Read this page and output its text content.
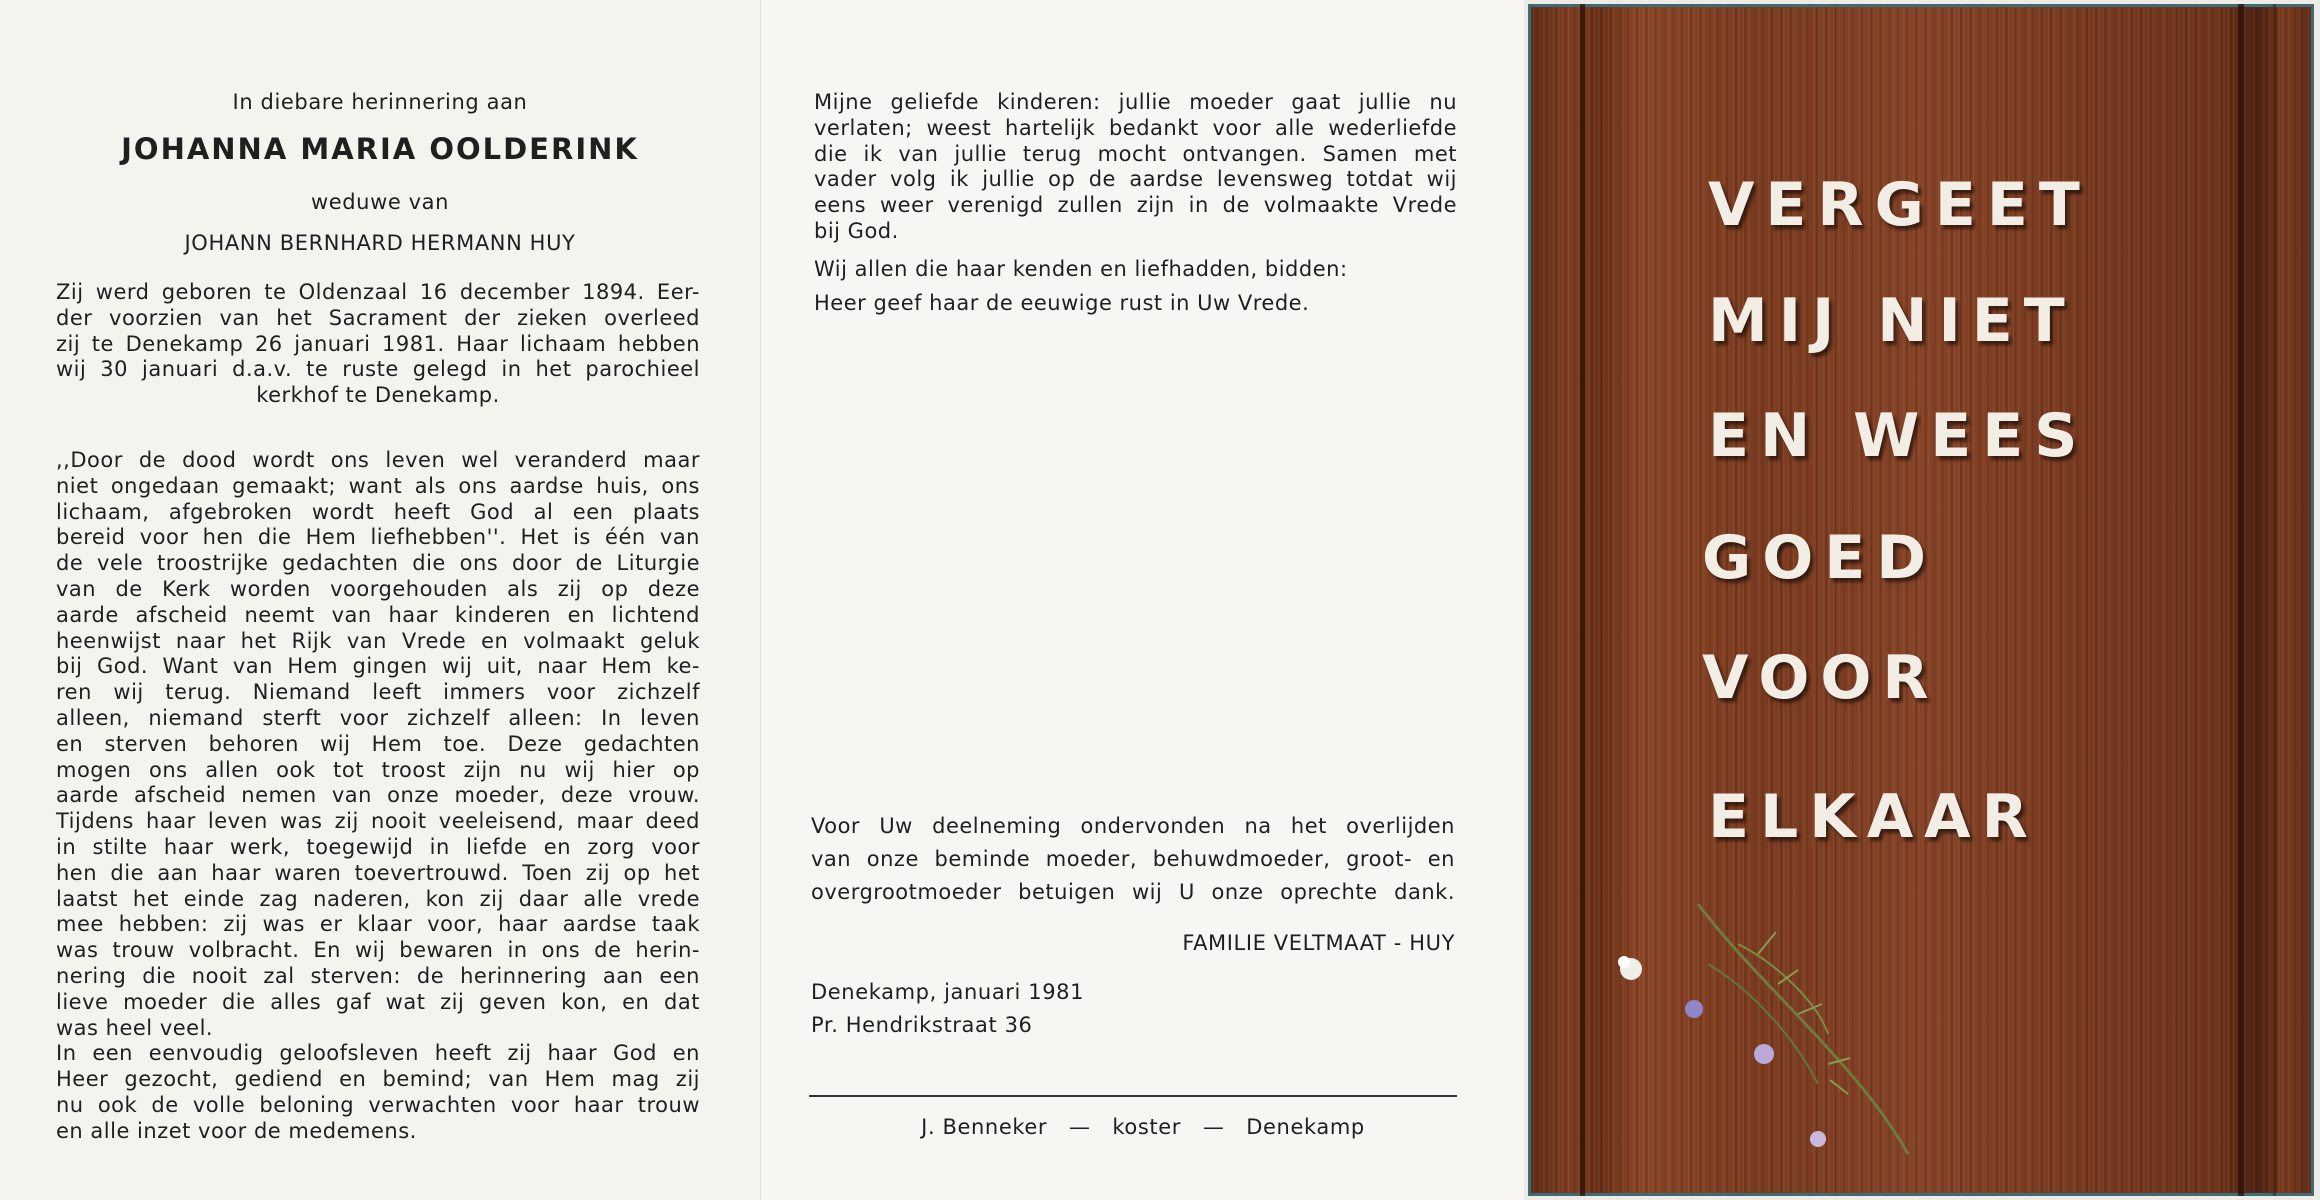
In diebare herinnering aan
JOHANNA MARIA OOLDERINK
weduwe van
JOHANN BERNHARD HERMANN HUY
Zij werd geboren te Oldenzaal 16 december 1894. Eer-
der voorzien van het Sacrament der zieken overleed
zij te Denekamp 26 januari 1981. Haar lichaam hebben
wij 30 januari d.a.v. te ruste gelegd in het parochieel
kerkhof te Denekamp.
,,Door de dood wordt ons leven wel veranderd maar
niet ongedaan gemaakt; want als ons aardse huis, ons
lichaam, afgebroken wordt heeft God al een plaats
bereid voor hen die Hem liefhebben''. Het is één van
de vele troostrijke gedachten die ons door de Liturgie
van de Kerk worden voorgehouden als zij op deze
aarde afscheid neemt van haar kinderen en lichtend
heenwijst naar het Rijk van Vrede en volmaakt geluk
bij God. Want van Hem gingen wij uit, naar Hem ke-
ren wij terug. Niemand leeft immers voor zichzelf
alleen, niemand sterft voor zichzelf alleen: In leven
en sterven behoren wij Hem toe. Deze gedachten
mogen ons allen ook tot troost zijn nu wij hier op
aarde afscheid nemen van onze moeder, deze vrouw.
Tijdens haar leven was zij nooit veeleisend, maar deed
in stilte haar werk, toegewijd in liefde en zorg voor
hen die aan haar waren toevertrouwd. Toen zij op het
laatst het einde zag naderen, kon zij daar alle vrede
mee hebben: zij was er klaar voor, haar aardse taak
was trouw volbracht. En wij bewaren in ons de herin-
nering die nooit zal sterven: de herinnering aan een
lieve moeder die alles gaf wat zij geven kon, en dat
was heel veel.
In een eenvoudig geloofsleven heeft zij haar God en
Heer gezocht, gediend en bemind; van Hem mag zij
nu ook de volle beloning verwachten voor haar trouw
en alle inzet voor de medemens.
Mijne geliefde kinderen: jullie moeder gaat jullie nu
verlaten; weest hartelijk bedankt voor alle wederliefde
die ik van jullie terug mocht ontvangen. Samen met
vader volg ik jullie op de aardse levensweg totdat wij
eens weer verenigd zullen zijn in de volmaakte Vrede
bij God.
Wij allen die haar kenden en liefhadden, bidden:
Heer geef haar de eeuwige rust in Uw Vrede.
Voor Uw deelneming ondervonden na het overlijden
van onze beminde moeder, behuwdmoeder, groot- en
overgrootmoeder betuigen wij U onze oprechte dank.
FAMILIE VELTMAAT - HUY
Denekamp, januari 1981
Pr. Hendrikstraat 36
J. Benneker — koster — Denekamp
VERGEET
MIJ NIET
EN WEES
GOED
VOOR
ELKAAR
